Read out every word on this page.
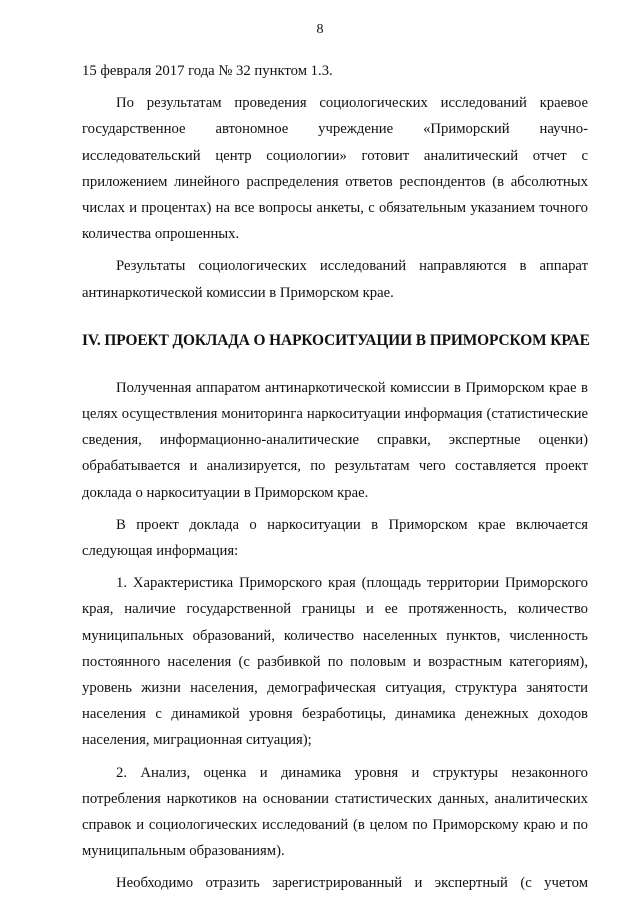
8

15 февраля 2017 года № 32 пунктом 1.3.

По результатам проведения социологических исследований краевое государственное автономное учреждение «Приморский научно-исследовательский центр социологии» готовит аналитический отчет с приложением линейного распределения ответов респондентов (в абсолютных числах и процентах) на все вопросы анкеты, с обязательным указанием точного количества опрошенных.

Результаты социологических исследований направляются в аппарат антинаркотической комиссии в Приморском крае.

IV. ПРОЕКТ ДОКЛАДА О НАРКОСИТУАЦИИ В ПРИМОРСКОМ КРАЕ

Полученная аппаратом антинаркотической комиссии в Приморском крае в целях осуществления мониторинга наркоситуации информация (статистические сведения, информационно-аналитические справки, экспертные оценки) обрабатывается и анализируется, по результатам чего составляется проект доклада о наркоситуации в Приморском крае.

В проект доклада о наркоситуации в Приморском крае включается следующая информация:

1. Характеристика Приморского края (площадь территории Приморского края, наличие государственной границы и ее протяженность, количество муниципальных образований, количество населенных пунктов, численность постоянного населения (с разбивкой по половым и возрастным категориям), уровень жизни населения, демографическая ситуация, структура занятости населения с динамикой уровня безработицы, динамика денежных доходов населения, миграционная ситуация);

2. Анализ, оценка и динамика уровня и структуры незаконного потребления наркотиков на основании статистических данных, аналитических справок и социологических исследований (в целом по Приморскому краю и по муниципальным образованиям).

Необходимо отразить зарегистрированный и экспертный (с учетом
